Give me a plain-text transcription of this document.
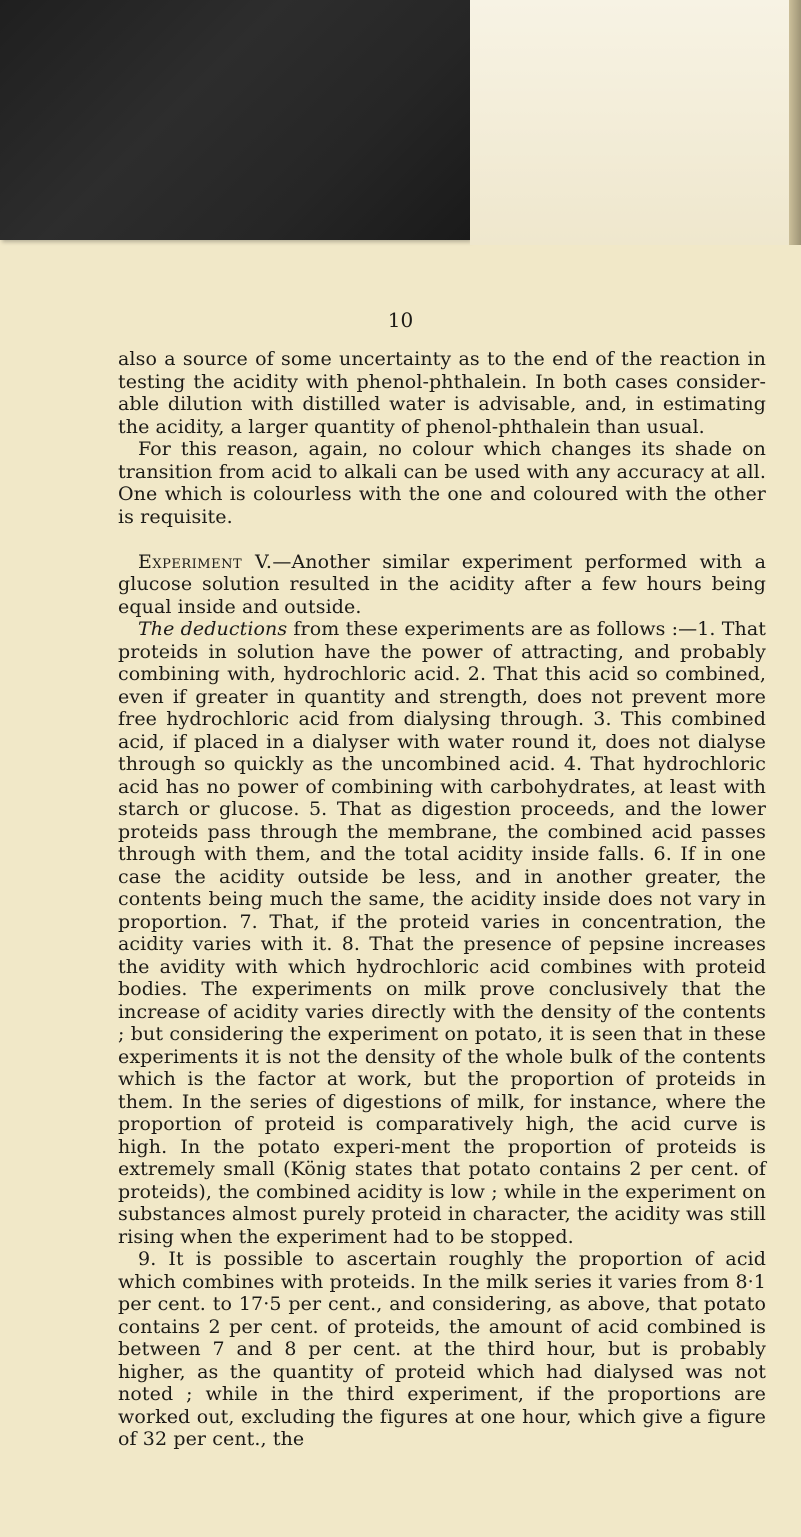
10

also a source of some uncertainty as to the end of the reaction in testing the acidity with phenol-phthalein. In both cases consider-able dilution with distilled water is advisable, and, in estimating the acidity, a larger quantity of phenol-phthalein than usual.

For this reason, again, no colour which changes its shade on transition from acid to alkali can be used with any accuracy at all. One which is colourless with the one and coloured with the other is requisite.

Experiment V.—Another similar experiment performed with a glucose solution resulted in the acidity after a few hours being equal inside and outside.

The deductions from these experiments are as follows :—1. That proteids in solution have the power of attracting, and probably combining with, hydrochloric acid. 2. That this acid so combined, even if greater in quantity and strength, does not prevent more free hydrochloric acid from dialysing through. 3. This combined acid, if placed in a dialyser with water round it, does not dialyse through so quickly as the uncombined acid. 4. That hydrochloric acid has no power of combining with carbohydrates, at least with starch or glucose. 5. That as digestion proceeds, and the lower proteids pass through the membrane, the combined acid passes through with them, and the total acidity inside falls. 6. If in one case the acidity outside be less, and in another greater, the contents being much the same, the acidity inside does not vary in proportion. 7. That, if the proteid varies in concentration, the acidity varies with it. 8. That the presence of pepsine increases the avidity with which hydrochloric acid combines with proteid bodies. The experiments on milk prove conclusively that the increase of acidity varies directly with the density of the contents ; but considering the experiment on potato, it is seen that in these experiments it is not the density of the whole bulk of the contents which is the factor at work, but the proportion of proteids in them. In the series of digestions of milk, for instance, where the proportion of proteid is comparatively high, the acid curve is high. In the potato experi-ment the proportion of proteids is extremely small (König states that potato contains 2 per cent. of proteids), the combined acidity is low ; while in the experiment on substances almost purely proteid in character, the acidity was still rising when the experiment had to be stopped.

9. It is possible to ascertain roughly the proportion of acid which combines with proteids. In the milk series it varies from 8·1 per cent. to 17·5 per cent., and considering, as above, that potato contains 2 per cent. of proteids, the amount of acid combined is between 7 and 8 per cent. at the third hour, but is probably higher, as the quantity of proteid which had dialysed was not noted ; while in the third experiment, if the proportions are worked out, excluding the figures at one hour, which give a figure of 32 per cent., the
